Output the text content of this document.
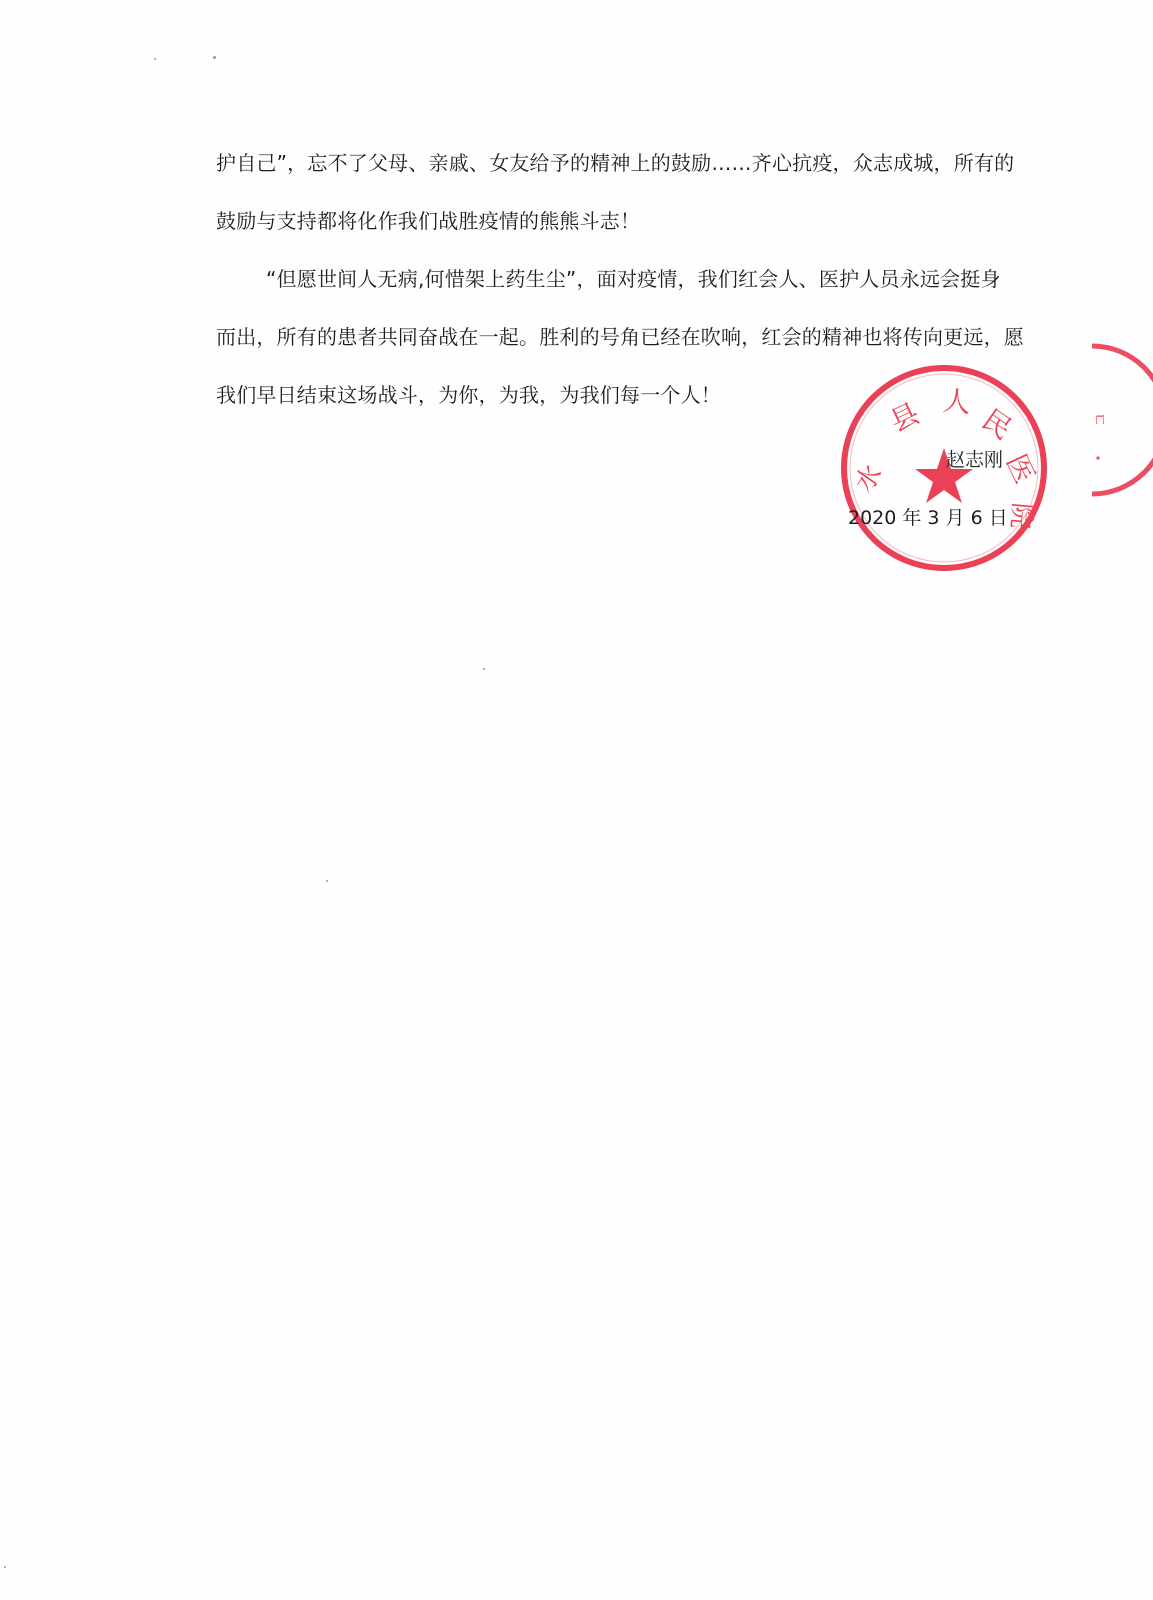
护自己”，忘不了父母、亲戚、女友给予的精神上的鼓励……齐心抗疫，众志成城，所有的
鼓励与支持都将化作我们战胜疫情的熊熊斗志！
“但愿世间人无病,何惜架上药生尘”，面对疫情，我们红会人、医护人员永远会挺身
而出，所有的患者共同奋战在一起。胜利的号角已经在吹响，红会的精神也将传向更远，愿
我们早日结束这场战斗，为你，为我，为我们每一个人！
水
县 人
民
医
院
ㄷ
赵志刚
2020 年 3 月 6 日
